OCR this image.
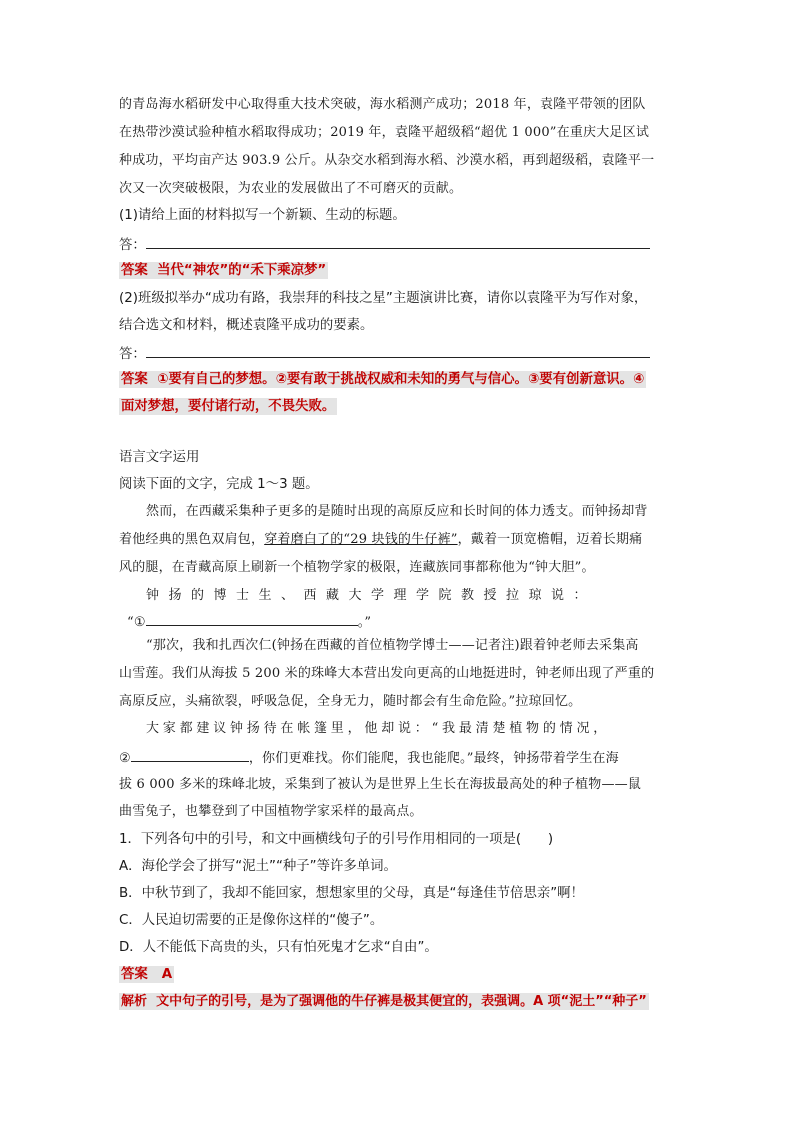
的青岛海水稻研发中心取得重大技术突破，海水稻测产成功；2018 年，袁隆平带领的团队
在热带沙漠试验种植水稻取得成功；2019 年，袁隆平超级稻“超优 1 000”在重庆大足区试
种成功，平均亩产达 903.9 公斤。从杂交水稻到海水稻、沙漠水稻，再到超级稻，袁隆平一
次又一次突破极限，为农业的发展做出了不可磨灭的贡献。
(1)请给上面的材料拟写一个新颖、生动的标题。
答：
答案 当代“神农”的“禾下乘凉梦”
(2)班级拟举办“成功有路，我崇拜的科技之星”主题演讲比赛，请你以袁隆平为写作对象，
结合选文和材料，概述袁隆平成功的要素。
答：
答案 ①要有自己的梦想。②要有敢于挑战权威和未知的勇气与信心。③要有创新意识。④
面对梦想，要付诸行动，不畏失败。
语言文字运用
阅读下面的文字，完成 1～3 题。
然而，在西藏采集种子更多的是随时出现的高原反应和长时间的体力透支。而钟扬却背
着他经典的黑色双肩包，穿着磨白了的“29 块钱的牛仔裤”，戴着一顶宽檐帽，迈着长期痛
风的腿，在青藏高原上刷新一个植物学家的极限，连藏族同事都称他为“钟大胆”。
钟扬的博士生、西藏大学理学院教授拉琼说：
“①	。”
“那次，我和扎西次仁(钟扬在西藏的首位植物学博士——记者注)跟着钟老师去采集高
山雪莲。我们从海拔 5 200 米的珠峰大本营出发向更高的山地挺进时，钟老师出现了严重的
高原反应，头痛欲裂，呼吸急促，全身无力，随时都会有生命危险。”拉琼回忆。
大家都建议钟扬待在帐篷里，他却说：“我最清楚植物的情况，
②	，你们更难找。你们能爬，我也能爬。”最终，钟扬带着学生在海
拔 6 000 多米的珠峰北坡，采集到了被认为是世界上生长在海拔最高处的种子植物——鼠
曲雪兔子，也攀登到了中国植物学家采样的最高点。
1．下列各句中的引号，和文中画横线句子的引号作用相同的一项是(　　)
A．海伦学会了拼写“泥土”“种子”等许多单词。
B．中秋节到了，我却不能回家，想想家里的父母，真是“每逢佳节倍思亲”啊！
C．人民迫切需要的正是像你这样的“傻子”。
D．人不能低下高贵的头，只有怕死鬼才乞求“自由”。
答案 A
解析 文中句子的引号，是为了强调他的牛仔裤是极其便宜的，表强调。A 项“泥土”“种子”
